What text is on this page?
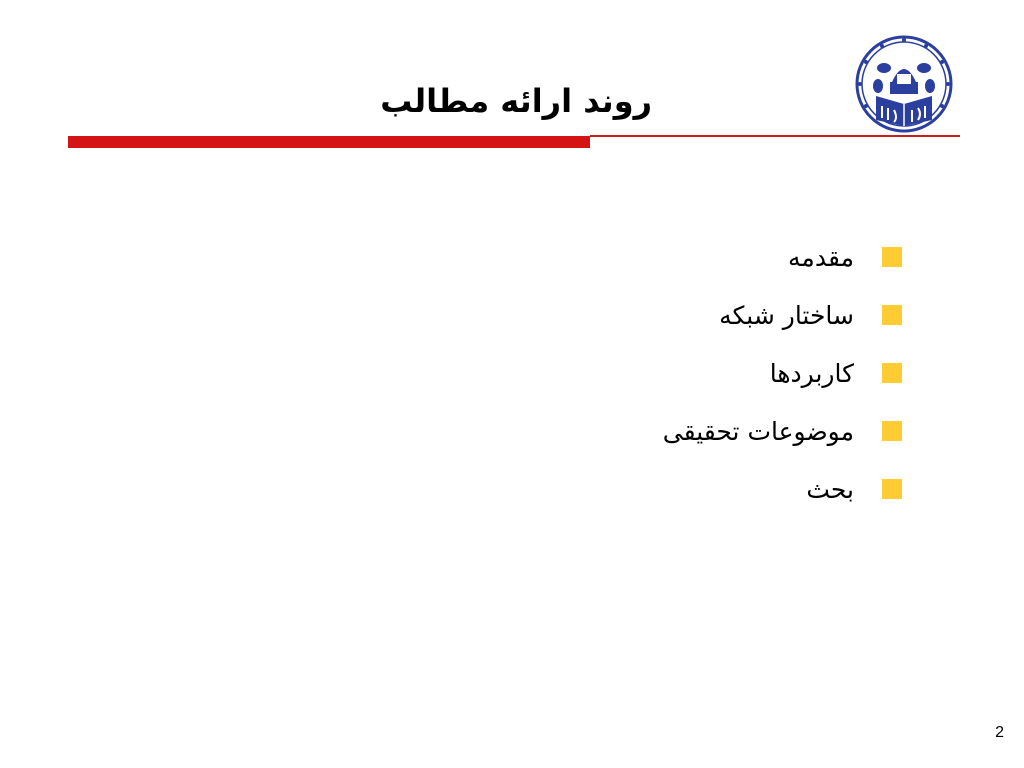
روند ارائه مطالب
مقدمه
ساختار شبکه
کاربردها
موضوعات تحقیقی
بحث
2
